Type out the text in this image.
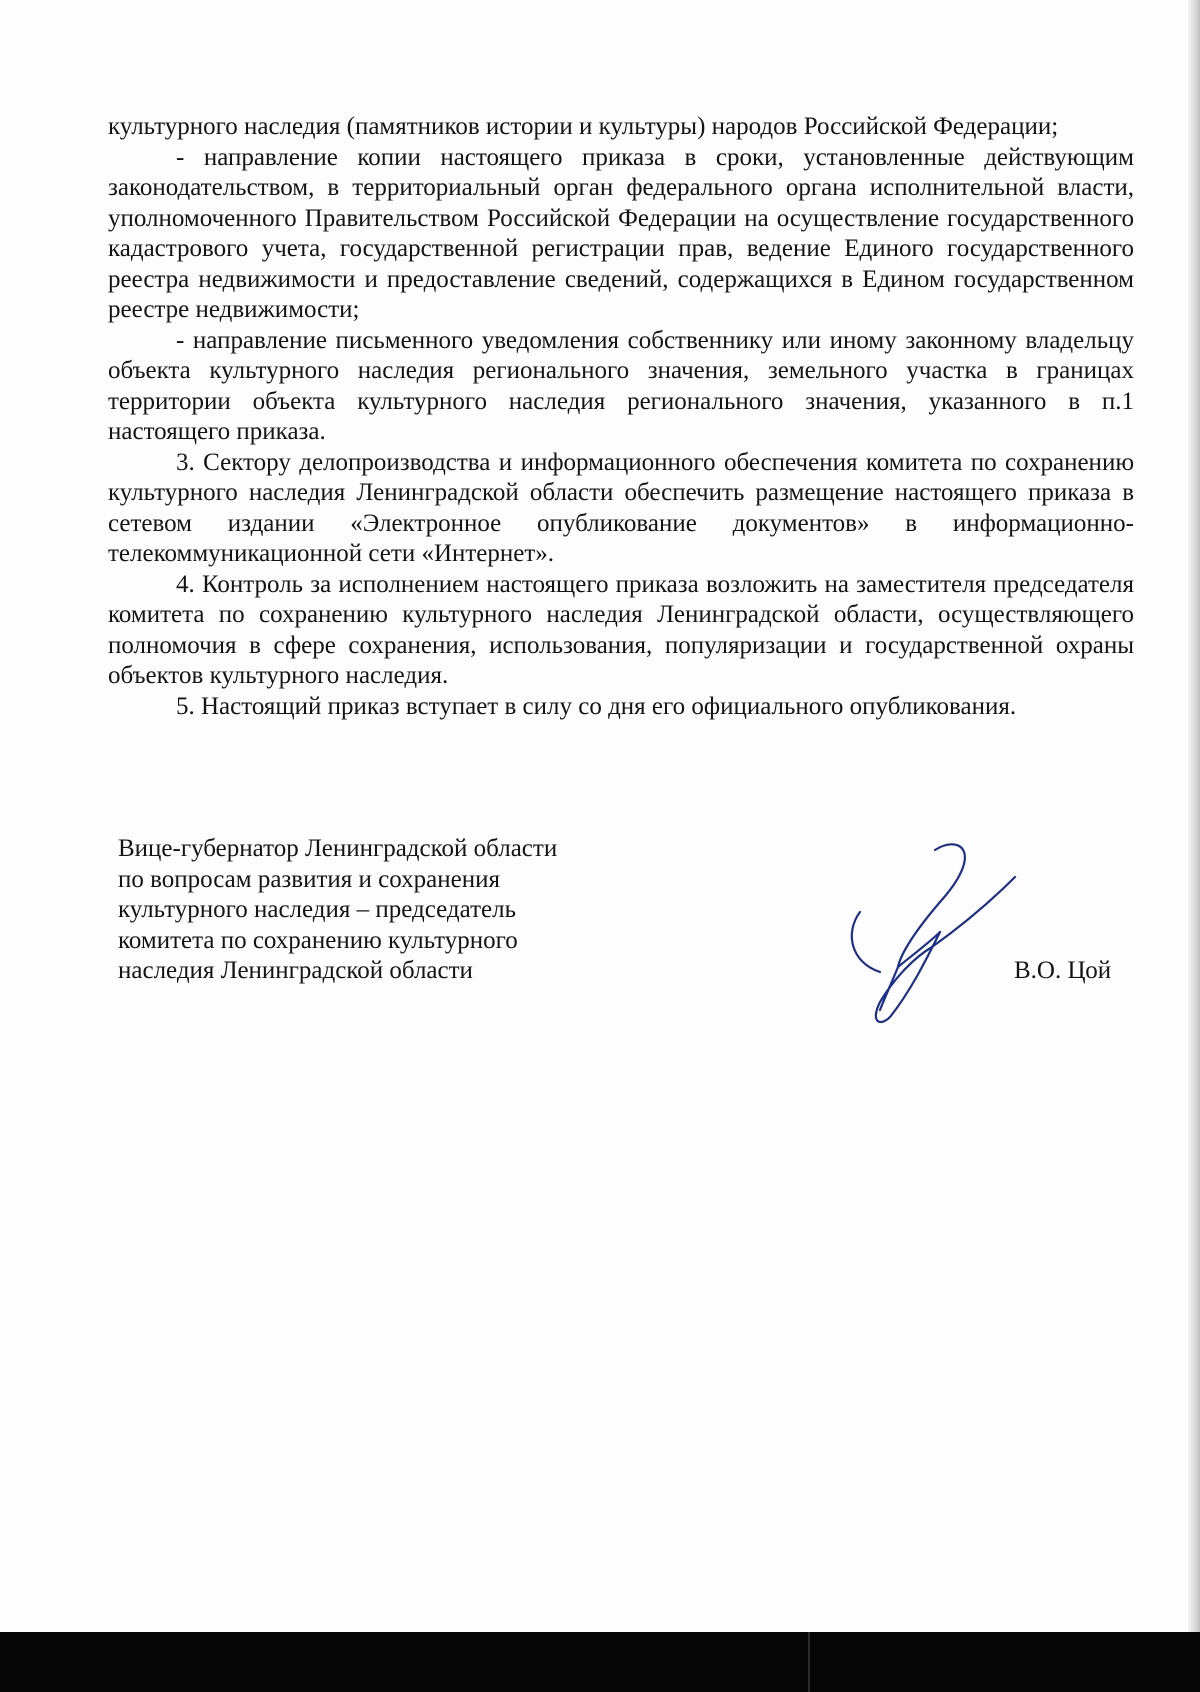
культурного наследия (памятников истории и культуры) народов Российской Федерации;

- направление копии настоящего приказа в сроки, установленные действующим законодательством, в территориальный орган федерального органа исполнительной власти, уполномоченного Правительством Российской Федерации на осуществление государственного кадастрового учета, государственной регистрации прав, ведение Единого государственного реестра недвижимости и предоставление сведений, содержащихся в Едином государственном реестре недвижимости;

- направление письменного уведомления собственнику или иному законному владельцу объекта культурного наследия регионального значения, земельного участка в границах территории объекта культурного наследия регионального значения, указанного в п.1 настоящего приказа.

3. Сектору делопроизводства и информационного обеспечения комитета по сохранению культурного наследия Ленинградской области обеспечить размещение настоящего приказа в сетевом издании «Электронное опубликование документов» в информационно-телекоммуникационной сети «Интернет».

4. Контроль за исполнением настоящего приказа возложить на заместителя председателя комитета по сохранению культурного наследия Ленинградской области, осуществляющего полномочия в сфере сохранения, использования, популяризации и государственной охраны объектов культурного наследия.

5. Настоящий приказ вступает в силу со дня его официального опубликования.

Вице-губернатор Ленинградской области
по вопросам развития и сохранения
культурного наследия – председатель
комитета по сохранению культурного
наследия Ленинградской области	В.О. Цой
